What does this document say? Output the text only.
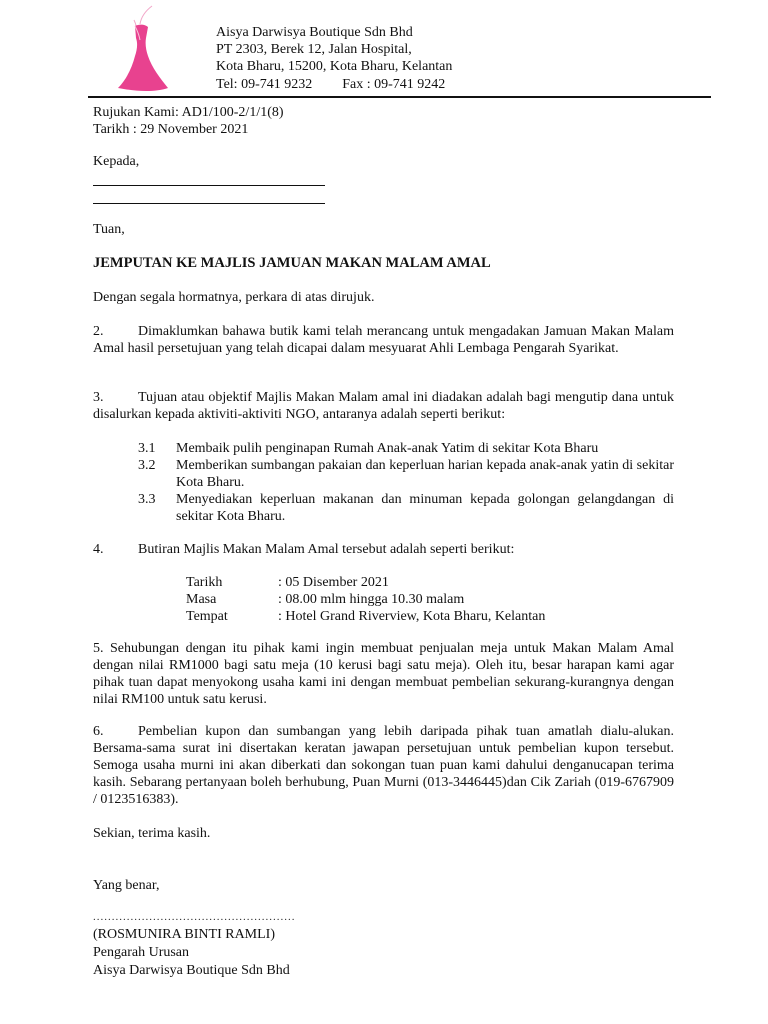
Aisya Darwisya Boutique Sdn Bhd
PT 2303, Berek 12, Jalan Hospital,
Kota Bharu, 15200, Kota Bharu, Kelantan
Tel: 09-741 9232 Fax : 09-741 9242
Rujukan Kami: AD1/100-2/1/1(8)
Tarikh : 29 November 2021
Kepada,
Tuan,
JEMPUTAN KE MAJLIS JAMUAN MAKAN MALAM AMAL
Dengan segala hormatnya, perkara di atas dirujuk.
2. Dimaklumkan bahawa butik kami telah merancang untuk mengadakan Jamuan Makan Malam Amal hasil persetujuan yang telah dicapai dalam mesyuarat Ahli Lembaga Pengarah Syarikat.
3. Tujuan atau objektif Majlis Makan Malam amal ini diadakan adalah bagi mengutip dana untuk disalurkan kepada aktiviti-aktiviti NGO, antaranya adalah seperti berikut:
3.1	Membaik pulih penginapan Rumah Anak-anak Yatim di sekitar Kota Bharu
3.2	Memberikan sumbangan pakaian dan keperluan harian kepada anak-anak yatin di sekitar Kota Bharu.
3.3	Menyediakan keperluan makanan dan minuman kepada golongan gelangdangan di sekitar Kota Bharu.
4. Butiran Majlis Makan Malam Amal tersebut adalah seperti berikut:
Tarikh	: 05 Disember 2021
Masa	: 08.00 mlm hingga 10.30 malam
Tempat	: Hotel Grand Riverview, Kota Bharu, Kelantan
5. Sehubungan dengan itu pihak kami ingin membuat penjualan meja untuk Makan Malam Amal dengan nilai RM1000 bagi satu meja (10 kerusi bagi satu meja). Oleh itu, besar harapan kami agar pihak tuan dapat menyokong usaha kami ini dengan membuat pembelian sekurang-kurangnya dengan nilai RM100 untuk satu kerusi.
6. Pembelian kupon dan sumbangan yang lebih daripada pihak tuan amatlah dialu-alukan. Bersama-sama surat ini disertakan keratan jawapan persetujuan untuk pembelian kupon tersebut. Semoga usaha murni ini akan diberkati dan sokongan tuan puan kami dahului denganucapan terima kasih. Sebarang pertanyaan boleh berhubung, Puan Murni (013-3446445)dan Cik Zariah (019-6767909 / 0123516383).
Sekian, terima kasih.
Yang benar,
......................................................
(ROSMUNIRA BINTI RAMLI)
Pengarah Urusan
Aisya Darwisya Boutique Sdn Bhd
